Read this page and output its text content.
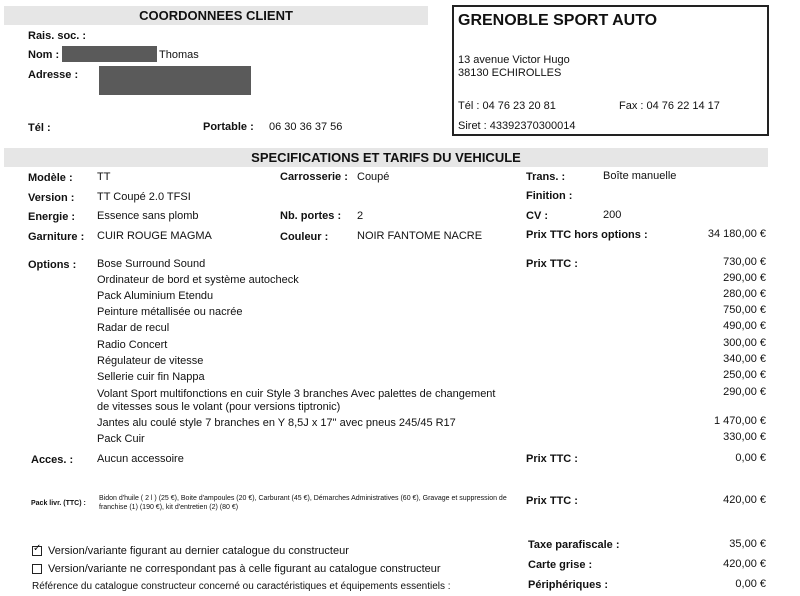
COORDONNEES CLIENT
Rais. soc. :
Nom :	Thomas
Adresse :
Tél :	Portable : 06 30 36 37 56
GRENOBLE SPORT AUTO
13 avenue Victor Hugo
38130 ECHIROLLES
Tél : 04 76 23 20 81	Fax : 04 76 22 14 17
Siret : 43392370300014
SPECIFICATIONS ET TARIFS DU VEHICULE
Modèle : TT	Carrosserie : Coupé	Trans. :	Boîte manuelle
Version : TT Coupé 2.0 TFSI	Finition :
Energie : Essence sans plomb	Nb. portes : 2	CV :	200
Garniture : CUIR ROUGE MAGMA	Couleur :	NOIR FANTOME NACRE	Prix TTC hors options :	34 180,00 €
Options :	Prix TTC :
Bose Surround Sound	730,00 €
Ordinateur de bord et système autocheck	290,00 €
Pack Aluminium Etendu	280,00 €
Peinture métallisée ou nacrée	750,00 €
Radar de recul	490,00 €
Radio Concert	300,00 €
Régulateur de vitesse	340,00 €
Sellerie cuir fin Nappa	250,00 €
Volant Sport multifonctions en cuir Style 3 branches Avec palettes de changement
de vitesses sous le volant (pour versions tiptronic)
290,00 €
Jantes alu coulé style 7 branches en Y 8,5J x 17" avec pneus 245/45 R17	1 470,00 €
Pack Cuir	330,00 €
Acces. : Aucun accessoire	Prix TTC :	0,00 €
Pack livr. (TTC) :
Bidon d'huile ( 2 l ) (25 €), Boite d'ampoules (20 €), Carburant (45 €), Démarches Administratives (60 €), Gravage et suppression de
franchise (1) (190 €), kit d'entretien (2) (80 €)
Prix TTC :	420,00 €
✓Version/variante figurant au dernier catalogue du constructeur
Version/variante ne correspondant pas à celle figurant au catalogue constructeur
Référence du catalogue constructeur concerné ou caractéristiques et équipements essentiels :
Taxe parafiscale :	35,00 €
Carte grise :	420,00 €
Périphériques :	0,00 €
